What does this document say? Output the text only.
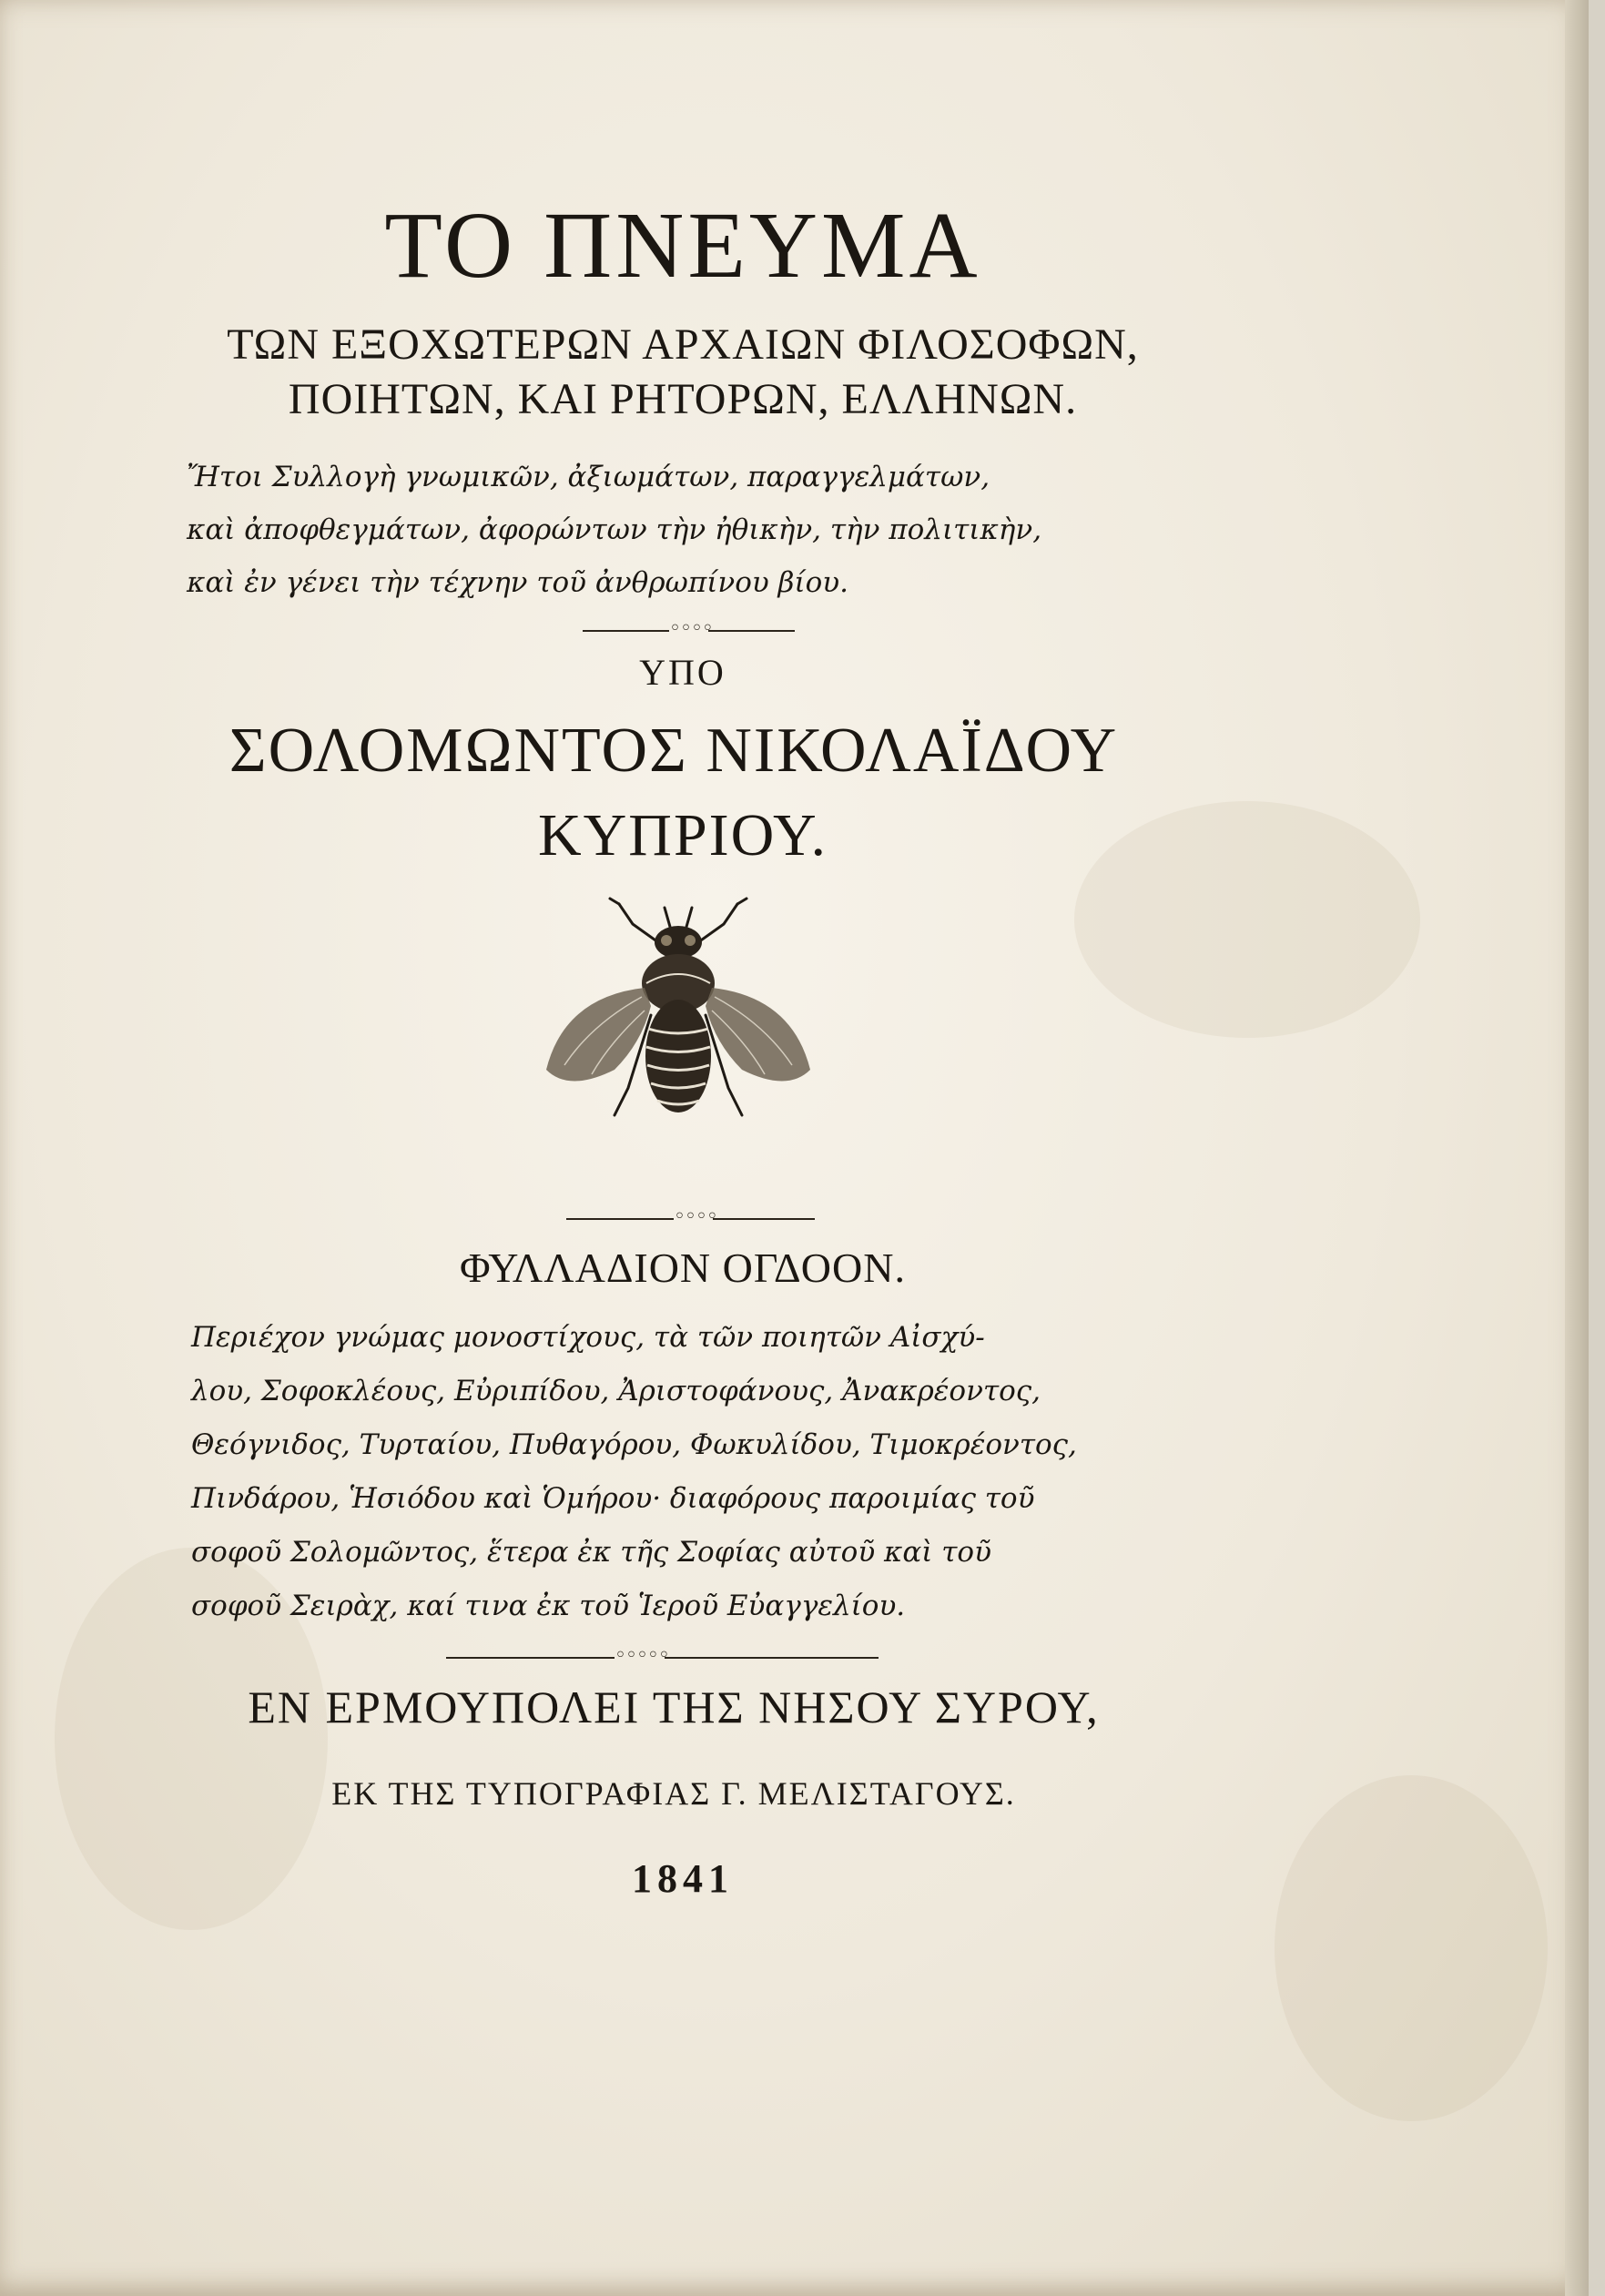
ΤΟ ΠΝΕΥΜΑ
ΤΩΝ ΕΞΟΧΩΤΕΡΩΝ ΑΡΧΑΙΩΝ ΦΙΛΟΣΟΦΩΝ,
ΠΟΙΗΤΩΝ, ΚΑΙ ΡΗΤΟΡΩΝ, ΕΛΛΗΝΩΝ.

Ἤτοι Συλλογὴ γνωμικῶν, ἀξιωμάτων, παραγγελμάτων,

καὶ ἀποφθεγμάτων, ἀφορώντων τὴν ἠθικὴν, τὴν πολιτικὴν,

καὶ ἐν γένει τὴν τέχνην τοῦ ἀνθρωπίνου βίου.

◦◦◦◦
ΥΠΟ
ΣΟΛΟΜΩΝΤΟΣ ΝΙΚΟΛΑΪΔΟΥ
ΚΥΠΡΙΟΥ.
◦◦◦◦
ΦΥΛΛΑΔΙΟΝ ΟΓΔΟΟΝ.
Περιέχον γνώμας μονοστίχους, τὰ τῶν ποιητῶν Αἰσχύ-
λου, Σοφοκλέους, Εὐριπίδου, Ἀριστοφάνους, Ἀνακρέοντος,
Θεόγνιδος, Τυρταίου, Πυθαγόρου, Φωκυλίδου, Τιμοκρέοντος,
Πινδάρου, Ἡσιόδου καὶ Ὁμήρου· διαφόρους παροιμίας τοῦ
σοφοῦ Σολομῶντος, ἕτερα ἐκ τῆς Σοφίας αὐτοῦ καὶ τοῦ
σοφοῦ Σειρὰχ, καί τινα ἐκ τοῦ Ἱεροῦ Εὐαγγελίου.
◦◦◦◦◦
ΕΝ ΕΡΜΟΥΠΟΛΕΙ ΤΗΣ ΝΗΣΟΥ ΣΥΡΟΥ,
ΕΚ ΤΗΣ ΤΥΠΟΓΡΑΦΙΑΣ Γ. ΜΕΛΙΣΤΑΓΟΥΣ.
1841
